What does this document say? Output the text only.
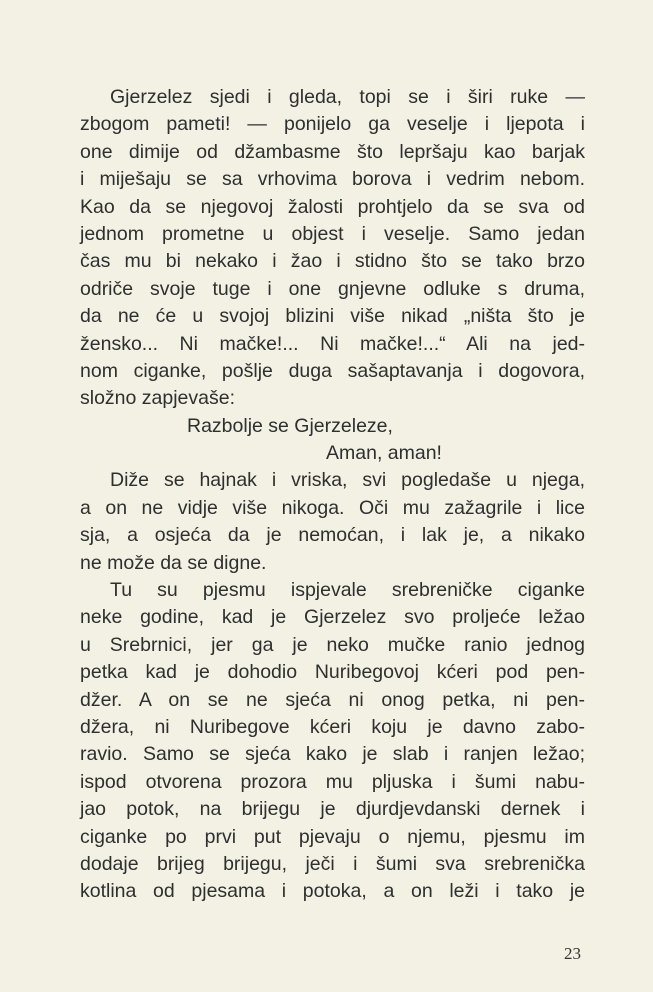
Gjerzelez sjedi i gleda, topi se i širi ruke —
zbogom pameti! — ponijelo ga veselje i ljepota i
one dimije od džambasme što lepršaju kao barjak
i miješaju se sa vrhovima borova i vedrim nebom.
Kao da se njegovoj žalosti prohtjelo da se sva od
jednom prometne u objest i veselje. Samo jedan
čas mu bi nekako i žao i stidno što se tako brzo
odriče svoje tuge i one gnjevne odluke s druma,
da ne će u svojoj blizini više nikad „ništa što je
žensko... Ni mačke!... Ni mačke!...“ Ali na jed-
nom ciganke, pošlje duga sašaptavanja i dogovora,
složno zapjevaše:
Razbolje se Gjerzeleze,
Aman, aman!
Diže se hajnak i vriska, svi pogledaše u njega,
a on ne vidje više nikoga. Oči mu zažagrile i lice
sja, a osjeća da je nemoćan, i lak je, a nikako
ne može da se digne.
Tu su pjesmu ispjevale srebreničke ciganke
neke godine, kad je Gjerzelez svo proljeće ležao
u Srebrnici, jer ga je neko mučke ranio jednog
petka kad je dohodio Nuribegovoj kćeri pod pen-
džer. A on se ne sjeća ni onog petka, ni pen-
džera, ni Nuribegove kćeri koju je davno zabo-
ravio. Samo se sjeća kako je slab i ranjen ležao;
ispod otvorena prozora mu pljuska i šumi nabu-
jao potok, na brijegu je djurdjevdanski dernek i
ciganke po prvi put pjevaju o njemu, pjesmu im
dodaje brijeg brijegu, ječi i šumi sva srebrenička
kotlina od pjesama i potoka, a on leži i tako je
23
